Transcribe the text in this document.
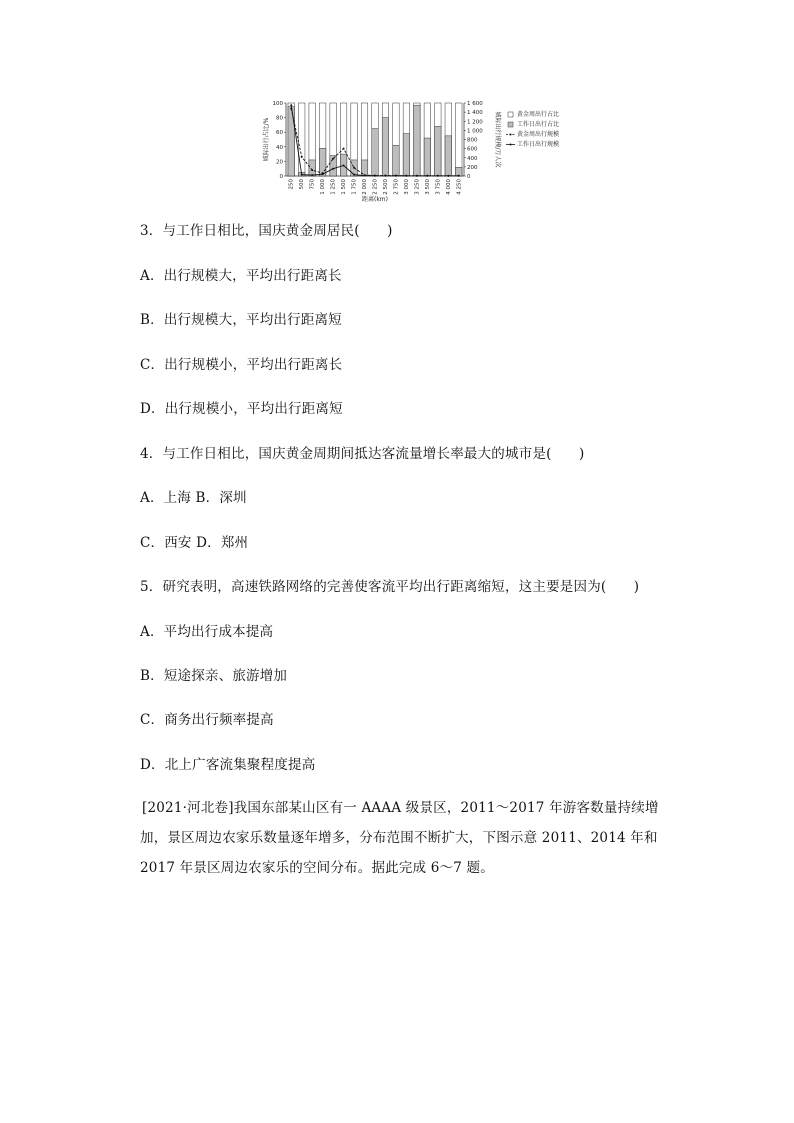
0
20
40
60
80
100
0
200
400
600
800
1 000
1 200
1 400
1 600
250 500 750 1 000 1 250 1 500 1 750 2 000 2 250 2 500 2 750 3 000 3 250 3 500 3 750 4 000 4 250
城际出行占比/%	城际出行规模/万人次
距离(km)
黄金周出行占比
工作日出行占比
黄金周出行规模
工作日出行规模
3．与工作日相比，国庆黄金周居民(　　)
A．出行规模大，平均出行距离长
B．出行规模大，平均出行距离短
C．出行规模小，平均出行距离长
D．出行规模小，平均出行距离短
4．与工作日相比，国庆黄金周期间抵达客流量增长率最大的城市是(　　)
A．上海 B．深圳
C．西安 D．郑州
5．研究表明，高速铁路网络的完善使客流平均出行距离缩短，这主要是因为(　　)
A．平均出行成本提高
B．短途探亲、旅游增加
C．商务出行频率提高
D．北上广客流集聚程度提高
[2021·河北卷]我国东部某山区有一 AAAA 级景区，2011～2017 年游客数量持续增加，景区周边农家乐数量逐年增多，分布范围不断扩大，下图示意 2011、2014 年和 2017 年景区周边农家乐的空间分布。据此完成 6～7 题。
